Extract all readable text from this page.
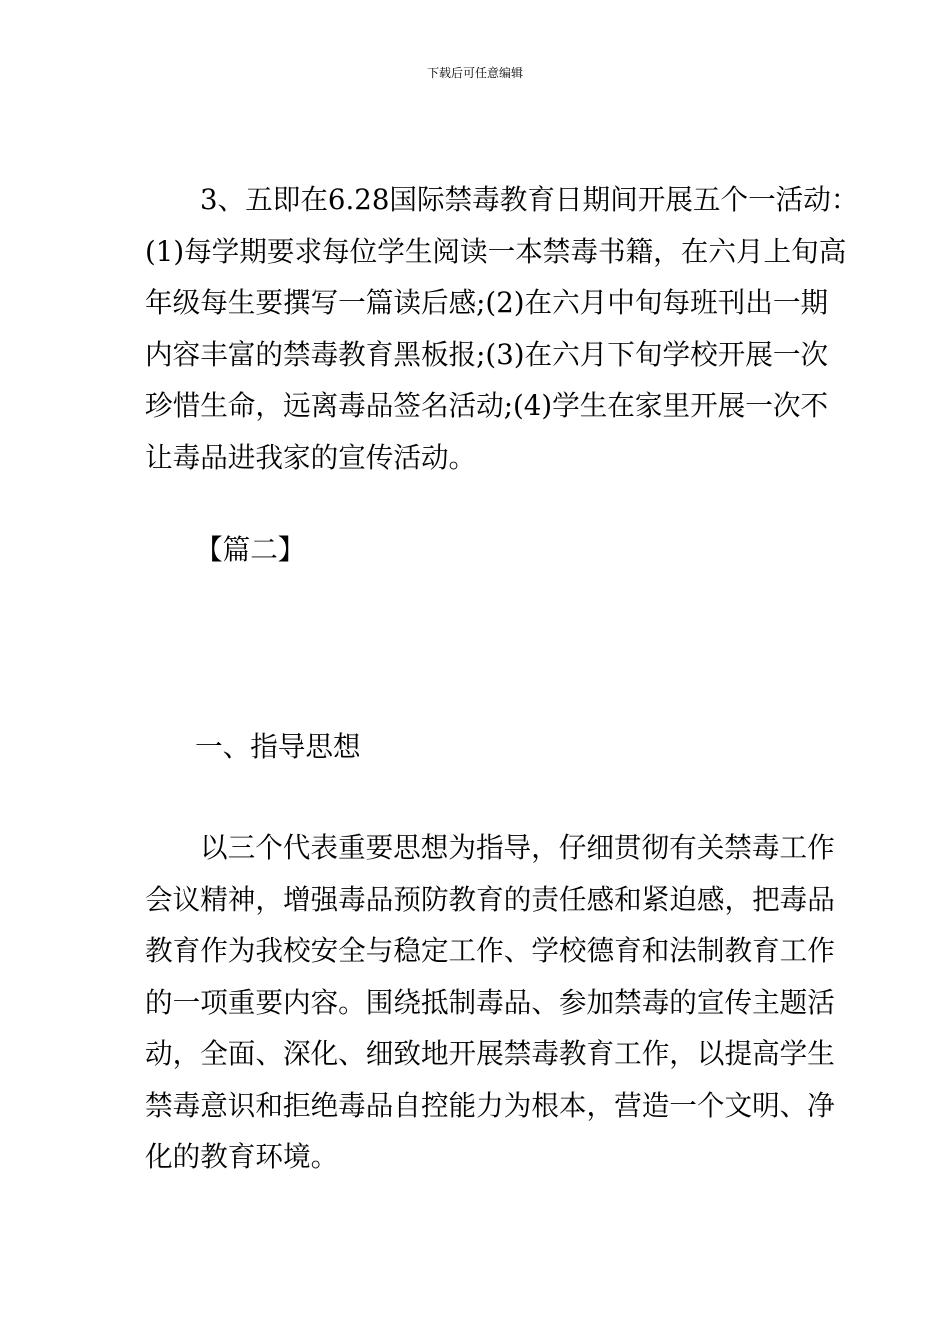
下载后可任意编辑
3、五即在6.28国际禁毒教育日期间开展五个一活动：
(1)每学期要求每位学生阅读一本禁毒书籍，在六月上旬高
年级每生要撰写一篇读后感;(2)在六月中旬每班刊出一期
内容丰富的禁毒教育黑板报;(3)在六月下旬学校开展一次
珍惜生命，远离毒品签名活动;(4)学生在家里开展一次不
让毒品进我家的宣传活动。
【篇二】
一、指导思想
以三个代表重要思想为指导，仔细贯彻有关禁毒工作
会议精神，增强毒品预防教育的责任感和紧迫感，把毒品
教育作为我校安全与稳定工作、学校德育和法制教育工作
的一项重要内容。围绕抵制毒品、参加禁毒的宣传主题活
动，全面、深化、细致地开展禁毒教育工作，以提高学生
禁毒意识和拒绝毒品自控能力为根本，营造一个文明、净
化的教育环境。
